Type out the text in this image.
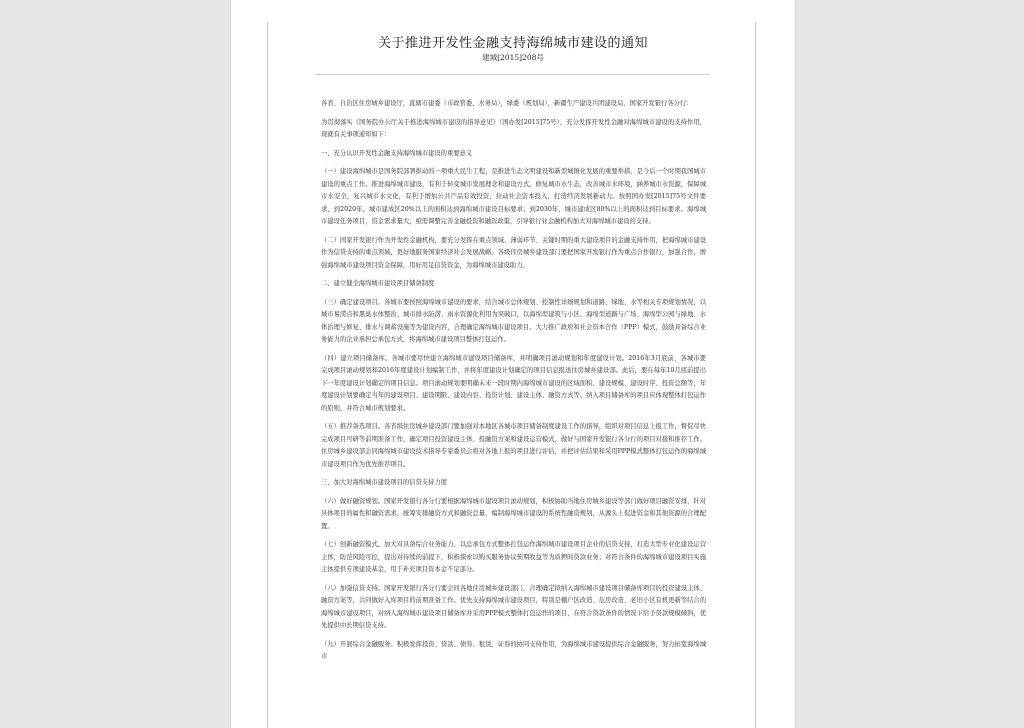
关于推进开发性金融支持海绵城市建设的通知
建城[2015]208号

各省、自治区住房城乡建设厅，直辖市建委（市政管委、水务局），绿委（规划局），新疆生产建设兵团建设局，国家开发银行各分行：

为贯彻落实《国务院办公厅关于推进海绵城市建设的指导意见》（国办发[2015]75号），充分发挥开发性金融对海绵城市建设的支持作用，现就有关事项通知如下：

一、充分认识开发性金融支持海绵城市建设的重要意义

（一）建设海绵城市是国务院部署推动的一项重大民生工程，是推进生态文明建设和新型城镇化发展的重要举措，是今后一个时期我国城市建设的重点工作。推进海绵城市建设，有利于转变城市发展理念和建设方式，修复城市水生态，改善城市水环境，涵养城市水资源，保障城市水安全，复兴城市水文化，有利于增加公共产品有效投资，拉动社会资本投入，打造经济发展新动力。按照国办发[2015]75号文件要求，到2020年，城市建成区20%以上的面积达到海绵城市建设目标要求；到2030年，城市建成区80%以上的面积达到目标要求。海绵城市建设任务项目，资金需求量大，亟需调整完善金融投资和融资政策，引导银行业金融机构加大对海绵城市建设的支持。

（二）国家开发银行作为开发性金融机构，要充分发挥在重点领域、薄弱环节、关键时期的重大建设项目的金融支持作用，把海绵城市建设作为信贷支持的重点领域，更好地服务国家经济社会发展战略。各级住房城乡建设部门要把国家开发银行作为重点合作银行，加强合作，增强海绵城市建设项目资金保障，用好用足信贷资金，为海绵城市建设助力。

二、建立健全海绵城市建设项目储备制度

（三）确定建设项目。各城市要按照海绵城市建设的要求，结合城市总体规划、控制性详细规划和道路、绿地、水等相关专项规划情况，以城市易涝点和黑臭水体整治、城市排水防涝、雨水资源化利用为突破口，以海绵型建筑与小区、海绵型道路与广场、海绵型公园与绿地、水体治理与修复、排水与调蓄设施等为建设内容，合理确定海绵城市建设项目。大力推广政府和社会资本合作（PPP）模式，鼓励具备综合业务能力的企业承担总承包方式，将海绵城市建设项目整体打包运作。

（四）建立项目储备库。各城市要尽快建立海绵城市建设项目储备库，并明确项目滚动规划和年度建设计划。2016年3月底前，各城市要完成项目滚动规划和2016年度建设计划编制工作，并将年度建设计划确定的项目信息报送住房城乡建设部。此后，要在每年10月底前提出下一年度建设计划确定的项目信息。项目滚动规划要明确未来一段时期内海绵城市建设的区域面积、建设规模、建设时序、投资总额等，年度建设计划要确定当年的建设项目、建设期限、建设内容、投资计划、建设主体、融资方式等。纳入项目储备库的项目应体现整体打包运作的原则，并符合城市规划要求。

（五）推荐备选项目。各省级住房城乡建设部门要加强对本地区各城市项目储备制度建设工作的指导，组织对项目信息上报工作，督促尽快完成项目可研等前期准备工作，确定项目投资建设主体、投融资方案和建设运营模式，做好与国家开发银行各分行的项目对接和推荐工作。住房城乡建设部会同海绵城市建设技术指导专家委员会将对各地上报的项目进行评估，并把评估结果和采用PPP模式整体打包运作的海绵城市建设项目作为优先推荐项目。

三、加大对海绵城市建设项目的信贷支持力度

（六）做好融资规划。国家开发银行各分行要根据海绵城市建设项目滚动规划，积极协助当地住房城乡建设等部门做好项目融资安排，针对具体项目的属性和融资需求，统筹安排融资方式和融资总量，编制海绵城市建设的系统性融资规划，从源头上促进资金和其他资源的合理配置。

（七）创新融资模式。加大对具备综合业务能力、以总承包方式整体打包运作海绵城市建设项目企业的信贷支持，打造大型专业化建设运营主体，防范风险可控，提出对待续的前提下，积极探索以购买服务协议预期收益等为质押的贷款业务；对符合条件的海绵城市建设项目实施主体提供专项建设基金，用于补充项目资本金不足部分。

（八）加强信贷支持。国家开发银行各分行要会同各地住房城乡建设部门，合理确定拟纳入海绵城市建设项目储备库项目的投资建设主体、融资方案等，共同做好入库项目的前期准备工作。优先支持海绵城市建设项目，特别是棚户区改造、危房改造、老旧小区有机更新等结合的海绵城市建设项目，对纳入海绵城市建设项目储备库并采用PPP模式整体打包运作的项目，在符合贷款条件的情况下给予贷款规模倾斜，优先提供中长期信贷支持。

（九）开展综合金融服务。积极发挥投资、贷款、债券、租赁、证券的协同支持作用，为海绵城市建设提供综合金融服务，努力拓宽海绵城市
